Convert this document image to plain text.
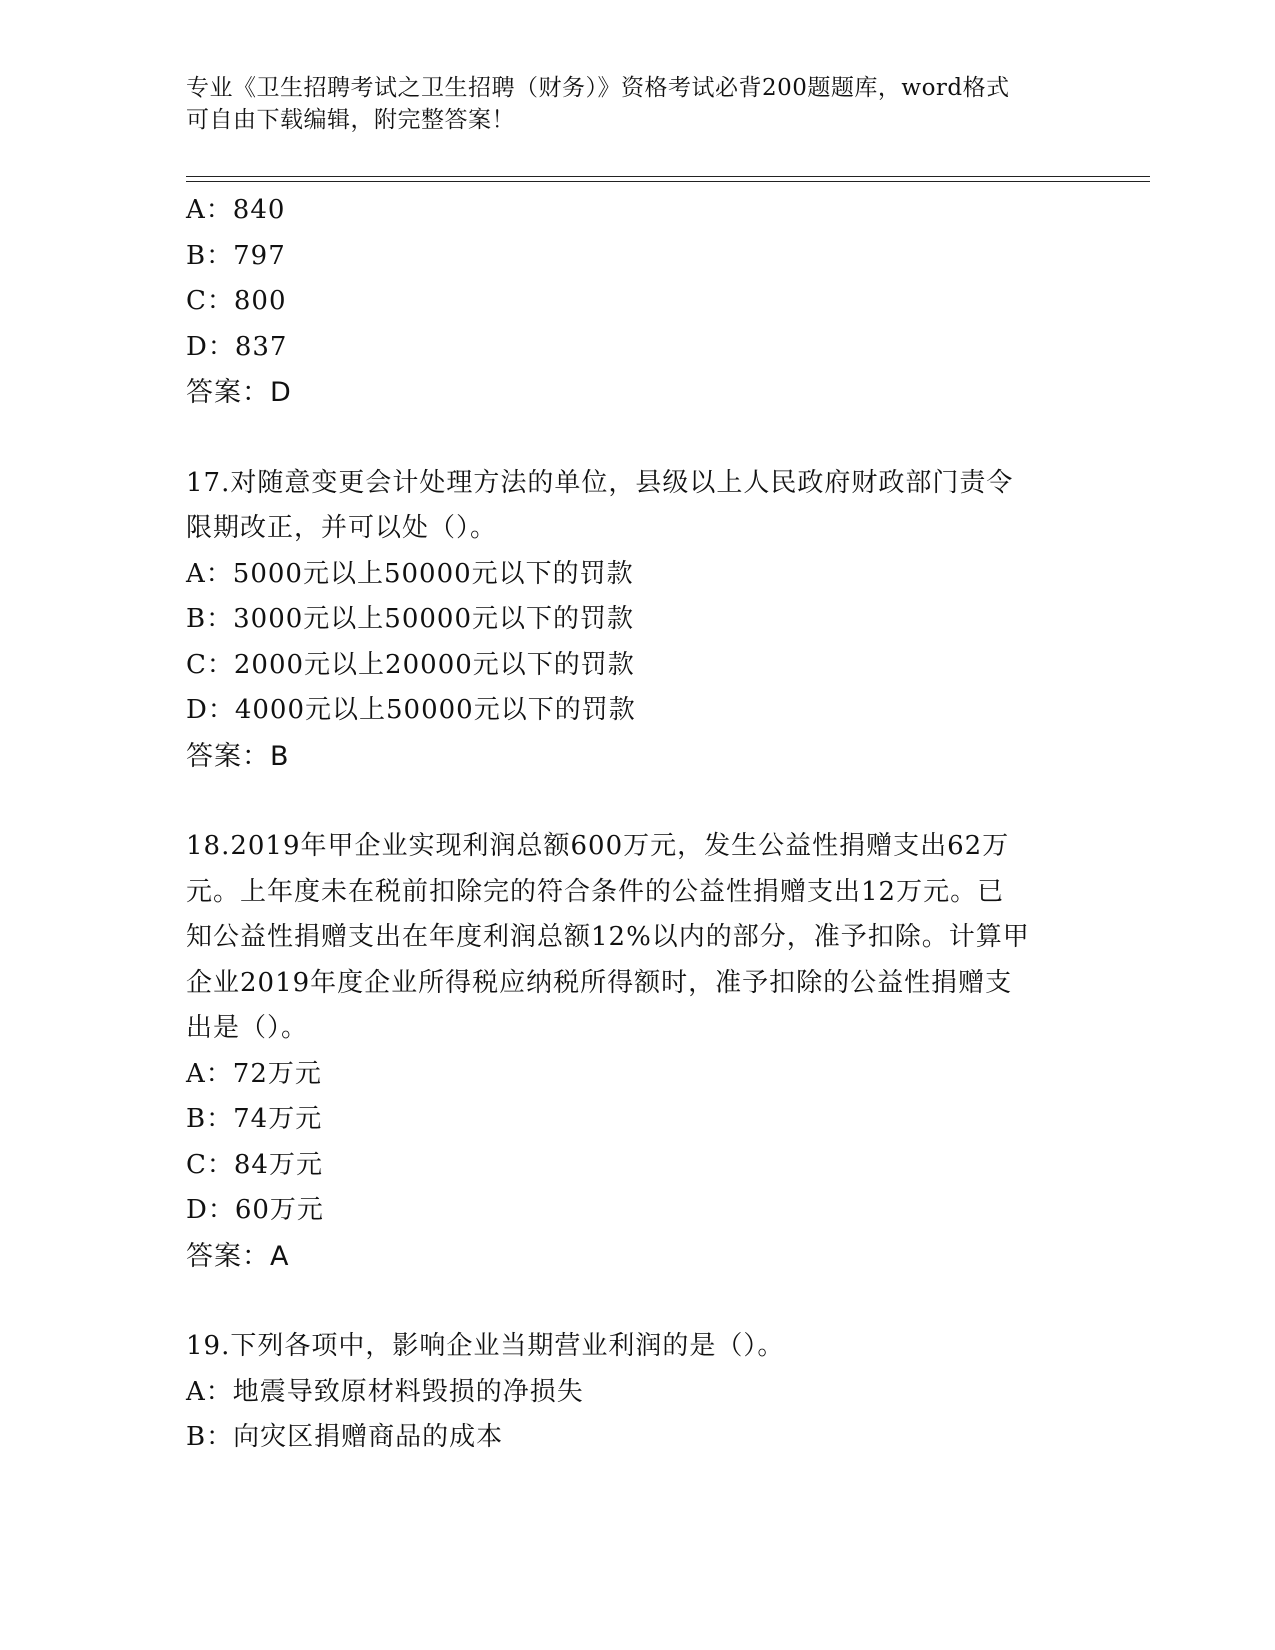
专业《卫生招聘考试之卫生招聘（财务）》资格考试必背200题题库，word格式
可自由下载编辑，附完整答案！
A：840
B：797
C：800
D：837
答案：D
17.对随意变更会计处理方法的单位，县级以上人民政府财政部门责令
限期改正，并可以处（）。
A：5000元以上50000元以下的罚款
B：3000元以上50000元以下的罚款
C：2000元以上20000元以下的罚款
D：4000元以上50000元以下的罚款
答案：B
18.2019年甲企业实现利润总额600万元，发生公益性捐赠支出62万
元。上年度未在税前扣除完的符合条件的公益性捐赠支出12万元。已
知公益性捐赠支出在年度利润总额12%以内的部分，准予扣除。计算甲
企业2019年度企业所得税应纳税所得额时，准予扣除的公益性捐赠支
出是（）。
A：72万元
B：74万元
C：84万元
D：60万元
答案：A
19.下列各项中，影响企业当期营业利润的是（）。
A：地震导致原材料毁损的净损失
B：向灾区捐赠商品的成本
